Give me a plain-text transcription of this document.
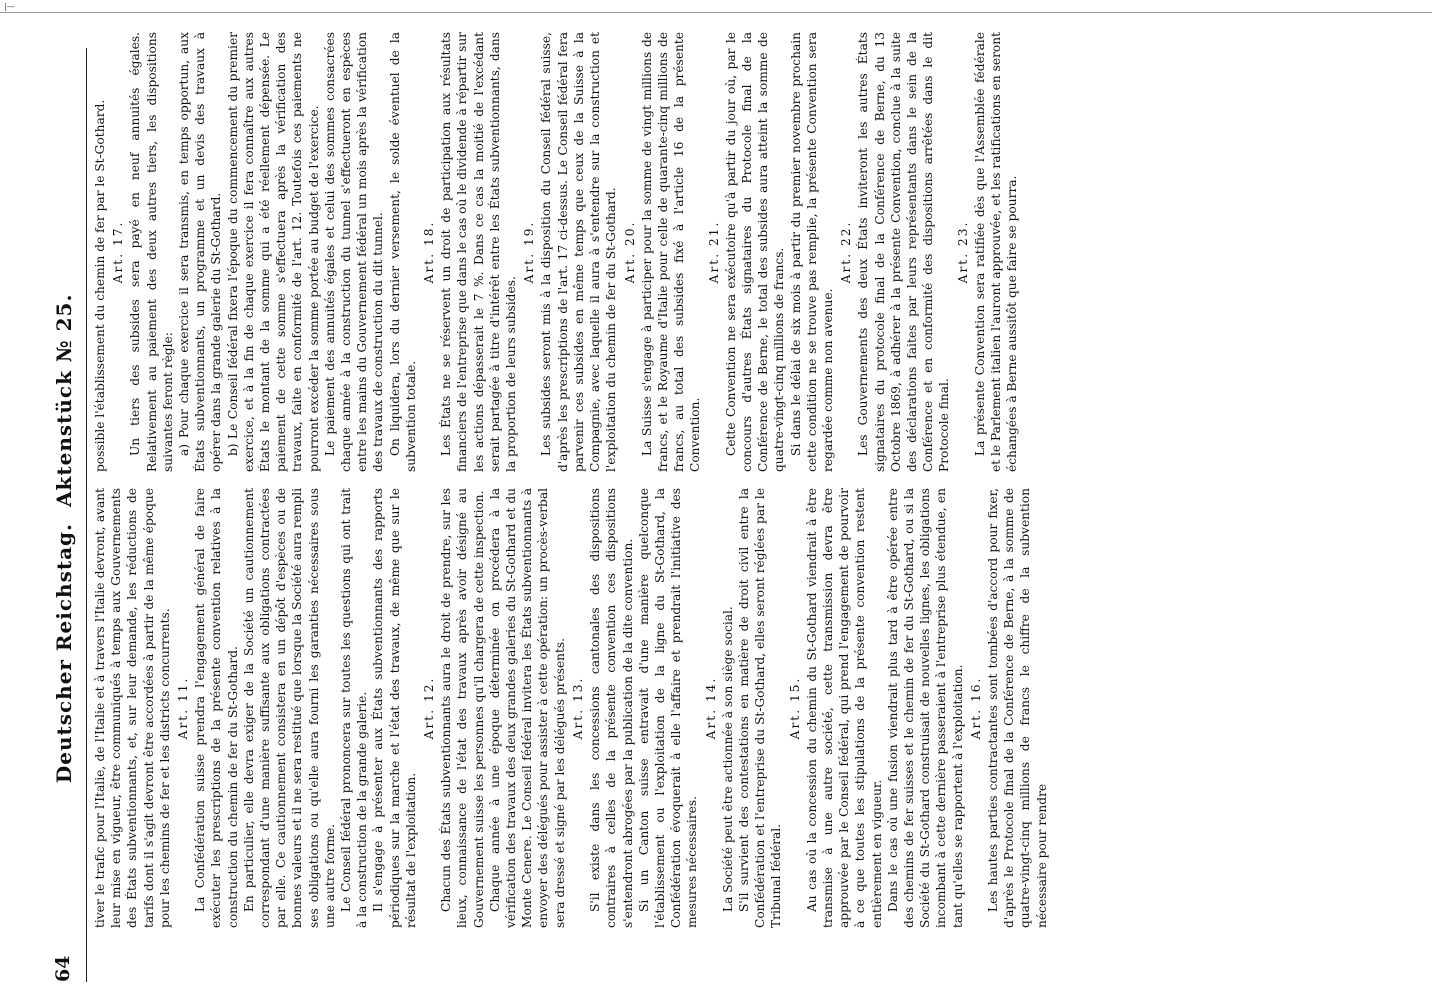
|—
64
Deutscher Reichstag.
Aktenstück № 25.

tiver le trafic pour l'Italie, de l'Italie et à travers l'Italie devront, avant leur mise en vigueur, être communiqués à temps aux Gouvernements des États subventionnants, et, sur leur demande, les réductions de tarifs dont il s'agit devront être accordées à partir de la même époque pour les chemins de fer et les districts concurrents. Art. 11. La Confédération suisse prendra l'engagement général de faire exécuter les prescriptions de la présente convention relatives à la construction du chemin de fer du St-Gothard. En particulier, elle devra exiger de la Société un cautionnement correspondant d'une manière suffisante aux obligations contractées par elle. Ce cautionnement consistera en un dépôt d'espèces ou de bonnes valeurs et il ne sera restitué que lorsque la Société aura rempli ses obligations ou qu'elle aura fourni les garanties nécessaires sous une autre forme. Le Conseil fédéral prononcera sur toutes les questions qui ont trait à la construction de la grande galerie. Il s'engage à présenter aux États subventionnants des rapports périodiques sur la marche et l'état des travaux, de même que sur le résultat de l'exploitation.

Art. 12. Chacun des États subventionnants aura le droit de prendre, sur les lieux, connaissance de l'état des travaux après avoir désigné au Gouvernement suisse les personnes qu'il chargera de cette inspection. Chaque année à une époque déterminée on procédera à la vérification des travaux des deux grandes galeries du St-Gothard et du Monte Cenere. Le Conseil fédéral invitera les États subventionnants à envoyer des délégués pour assister à cette opération: un procès-verbal sera dressé et signé par les délégués présents. Art. 13. S'il existe dans les concessions cantonales des dispositions contraires à celles de la présente convention ces dispositions s'entendront abrogées par la publication de la dite convention. Si un Canton suisse entravait d'une manière quelconque l'établissement ou l'exploitation de la ligne du St-Gothard, la Confédération évoquerait à elle l'affaire et prendrait l'initiative des mesures nécessaires.

Art. 14. La Société peut être actionnée à son siège social. S'il survient des contestations en matière de droit civil entre la Confédération et l'entreprise du St-Gothard, elles seront réglées par le Tribunal fédéral.

Art. 15. Au cas où la concession du chemin du St-Gothard viendrait à être transmise à une autre société, cette transmission devra être approuvée par le Conseil fédéral, qui prend l'engagement de pourvoir à ce que toutes les stipulations de la présente convention restent entièrement en vigueur. Dans le cas où une fusion viendrait plus tard à être opérée entre des chemins de fer suisses et le chemin de fer du St-Gothard, ou si la Société du St-Gothard construisait de nouvelles lignes, les obligations incombant à cette dernière passeraient à l'entreprise plus étendue, en tant qu'elles se rapportent à l'exploitation. Art. 16. Les hautes parties contractantes sont tombées d'accord pour fixer, d'après le Protocole final de la Conférence de Berne, à la somme de quatre-vingt-cinq millions de francs le chiffre de la subvention nécessaire pour rendre

possible l'établissement du chemin de fer par le St-Gothard. Art. 17. Un tiers des subsides sera payé en neuf annuités égales. Relativement au paiement des deux autres tiers, les dispositions suivantes feront règle: a) Pour chaque exercice il sera transmis, en temps opportun, aux États subventionnants, un programme et un devis des travaux à opérer dans la grande galerie du St-Gothard. b) Le Conseil fédéral fixera l'époque du commencement du premier exercice, et à la fin de chaque exercice il fera connaître aux autres États le montant de la somme qui a été réellement dépensée. Le paiement de cette somme s'effectuera après la vérification des travaux, faite en conformité de l'art. 12. Toutefois ces paiements ne pourront excéder la somme portée au budget de l'exercice. Le paiement des annuités égales et celui des sommes consacrées chaque année à la construction du tunnel s'effectueront en espèces entre les mains du Gouvernement fédéral un mois après la vérification des travaux de construction du dit tunnel. On liquidera, lors du dernier versement, le solde éventuel de la subvention totale.

Art. 18. Les États ne se réservent un droit de participation aux résultats financiers de l'entreprise que dans le cas où le dividende à répartir sur les actions dépasserait le 7 %. Dans ce cas la moitié de l'excédant serait partagée à titre d'intérêt entre les États subventionnants, dans la proportion de leurs subsides.

Art. 19. Les subsides seront mis à la disposition du Conseil fédéral suisse, d'après les prescriptions de l'art. 17 ci-dessus. Le Conseil fédéral fera parvenir ces subsides en même temps que ceux de la Suisse à la Compagnie, avec laquelle il aura à s'entendre sur la construction et l'exploitation du chemin de fer du St-Gothard. Art. 20. La Suisse s'engage à participer pour la somme de vingt millions de francs, et le Royaume d'Italie pour celle de quarante-cinq millions de francs, au total des subsides fixé à l'article 16 de la présente Convention.

Art. 21. Cette Convention ne sera exécutoire qu'à partir du jour où, par le concours d'autres États signataires du Protocole final de la Conférence de Berne, le total des subsides aura atteint la somme de quatre-vingt-cinq millions de francs. Si dans le délai de six mois à partir du premier novembre prochain cette condition ne se trouve pas remplie, la présente Convention sera regardée comme non avenue.

Art. 22. Les Gouvernements des deux États inviteront les autres États signataires du protocole final de la Conférence de Berne, du 13 Octobre 1869, à adhérer à la présente Convention, conclue à la suite des déclarations faites par leurs représentants dans le sein de la Conférence et en conformité des dispositions arrêtées dans le dit Protocole final.

Art. 23. La présente Convention sera ratifiée dès que l'Assemblée fédérale et le Parlement italien l'auront approuvée, et les ratifications en seront échangées à Berne aussitôt que faire se pourra.
